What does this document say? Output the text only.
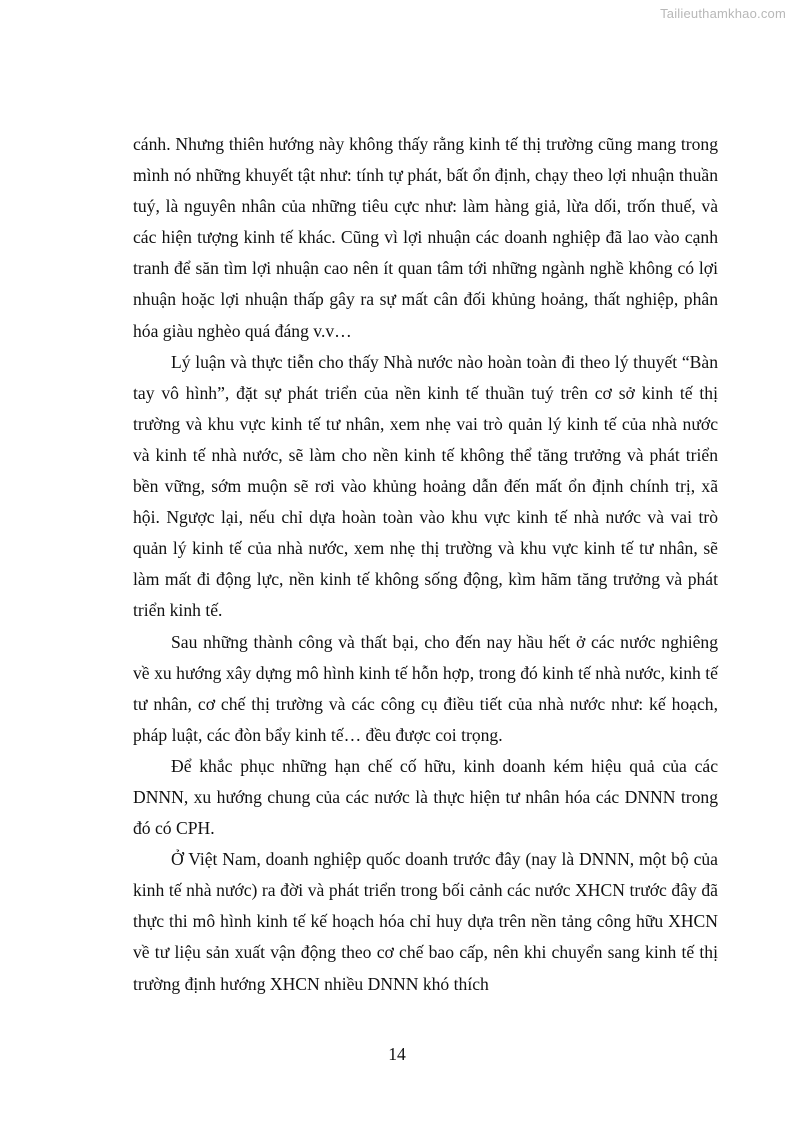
Tailieuthamkhao.com

cánh. Nhưng thiên hướng này không thấy rằng kinh tế thị trường cũng mang trong mình nó những khuyết tật như: tính tự phát, bất ổn định, chạy theo lợi nhuận thuần tuý, là nguyên nhân của những tiêu cực như: làm hàng giả, lừa dối, trốn thuế, và các hiện tượng kinh tế khác. Cũng vì lợi nhuận các doanh nghiệp đã lao vào cạnh tranh để săn tìm lợi nhuận cao nên ít quan tâm tới những ngành nghề không có lợi nhuận hoặc lợi nhuận thấp gây ra sự mất cân đối khủng hoảng, thất nghiệp, phân hóa giàu nghèo quá đáng v.v…

Lý luận và thực tiễn cho thấy Nhà nước nào hoàn toàn đi theo lý thuyết “Bàn tay vô hình”, đặt sự phát triển của nền kinh tế thuần tuý trên cơ sở kinh tế thị trường và khu vực kinh tế tư nhân, xem nhẹ vai trò quản lý kinh tế của nhà nước và kinh tế nhà nước, sẽ làm cho nền kinh tế không thể tăng trưởng và phát triển bền vững, sớm muộn sẽ rơi vào khủng hoảng dẫn đến mất ổn định chính trị, xã hội. Ngược lại, nếu chỉ dựa hoàn toàn vào khu vực kinh tế nhà nước và vai trò quản lý kinh tế của nhà nước, xem nhẹ thị trường và khu vực kinh tế tư nhân, sẽ làm mất đi động lực, nền kinh tế không sống động, kìm hãm tăng trưởng và phát triển kinh tế.

Sau những thành công và thất bại, cho đến nay hầu hết ở các nước nghiêng về xu hướng xây dựng mô hình kinh tế hỗn hợp, trong đó kinh tế nhà nước, kinh tế tư nhân, cơ chế thị trường và các công cụ điều tiết của nhà nước như: kế hoạch, pháp luật, các đòn bẩy kinh tế… đều được coi trọng.

Để khắc phục những hạn chế cố hữu, kinh doanh kém hiệu quả của các DNNN, xu hướng chung của các nước là thực hiện tư nhân hóa các DNNN trong đó có CPH.

Ở Việt Nam, doanh nghiệp quốc doanh trước đây (nay là DNNN, một bộ của kinh tế nhà nước) ra đời và phát triển trong bối cảnh các nước XHCN trước đây đã thực thi mô hình kinh tế kế hoạch hóa chỉ huy dựa trên nền tảng công hữu XHCN về tư liệu sản xuất vận động theo cơ chế bao cấp, nên khi chuyển sang kinh tế thị trường định hướng XHCN nhiều DNNN khó thích

14
